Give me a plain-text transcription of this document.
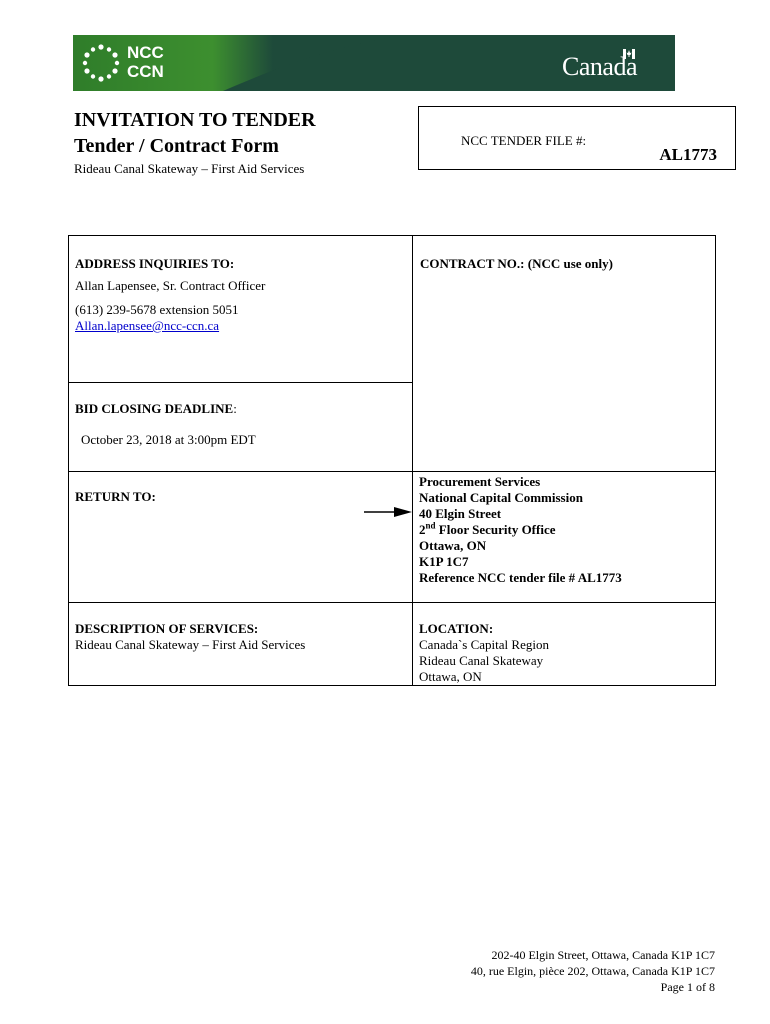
NCC
CCN	Canada
INVITATION TO TENDER
Tender / Contract Form
Rideau Canal Skateway – First Aid Services
NCC TENDER FILE #:
AL1773
ADDRESS INQUIRIES TO:
Allan Lapensee, Sr. Contract Officer
(613) 239-5678 extension 5051
Allan.lapensee@ncc-ccn.ca
CONTRACT NO.: (NCC use only)
BID CLOSING DEADLINE:
October 23, 2018 at 3:00pm EDT
RETURN TO:
Procurement Services
National Capital Commission
40 Elgin Street
2nd Floor Security Office
Ottawa, ON
K1P 1C7
Reference NCC tender file # AL1773
DESCRIPTION OF SERVICES:
Rideau Canal Skateway – First Aid Services
LOCATION:
Canada`s Capital Region
Rideau Canal Skateway
Ottawa, ON
202-40 Elgin Street, Ottawa, Canada K1P 1C7
40, rue Elgin, pièce 202, Ottawa, Canada K1P 1C7
Page 1 of 8
